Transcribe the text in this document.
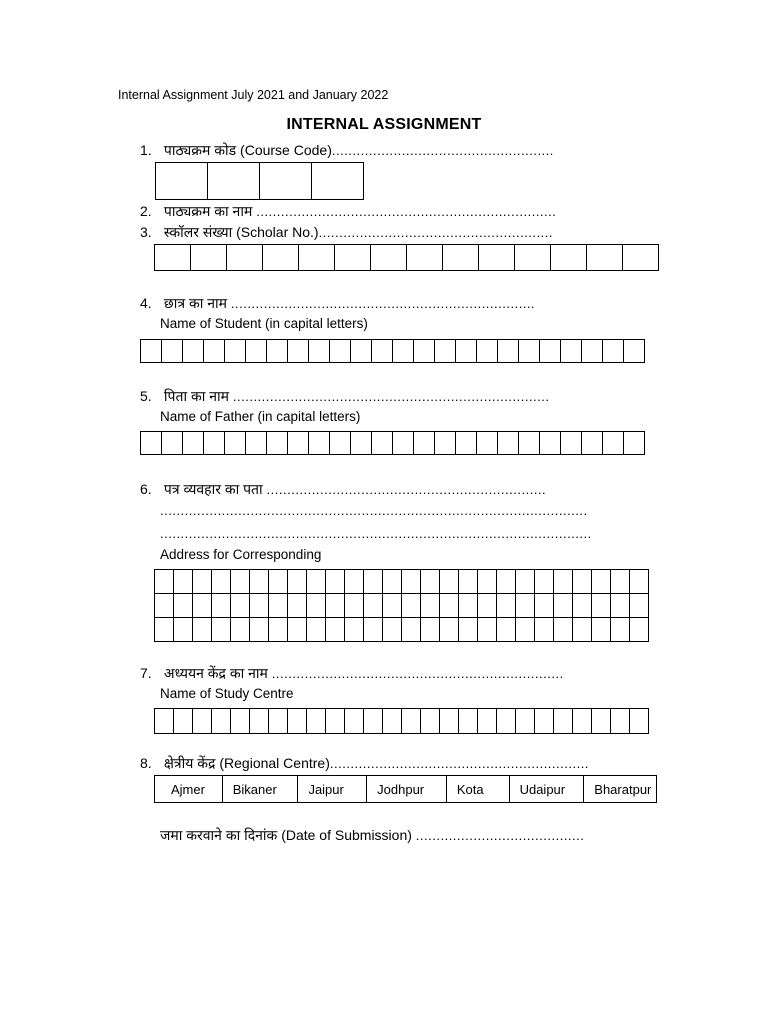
Internal Assignment July 2021 and January 2022
INTERNAL ASSIGNMENT
1. पाठ्यक्रम कोड (Course Code)......................................................
2. पाठ्यक्रम का नाम .........................................................................
3. स्कॉलर संख्या (Scholar No.).........................................................
4. छात्र का नाम ..........................................................................
Name of Student (in capital letters)
5. पिता का नाम .............................................................................
Name of Father (in capital letters)
6. पत्र व्यवहार का पता ....................................................................
........................................................................................................
.........................................................................................................
Address for Corresponding
7. अध्ययन केंद्र का नाम .......................................................................
Name of Study Centre
8. क्षेत्रीय केंद्र (Regional Centre)...............................................................
Ajmer	Bikaner	Jaipur	Jodhpur	Kota	Udaipur	Bharatpur
जमा करवाने का दिनांक (Date of Submission) .........................................
